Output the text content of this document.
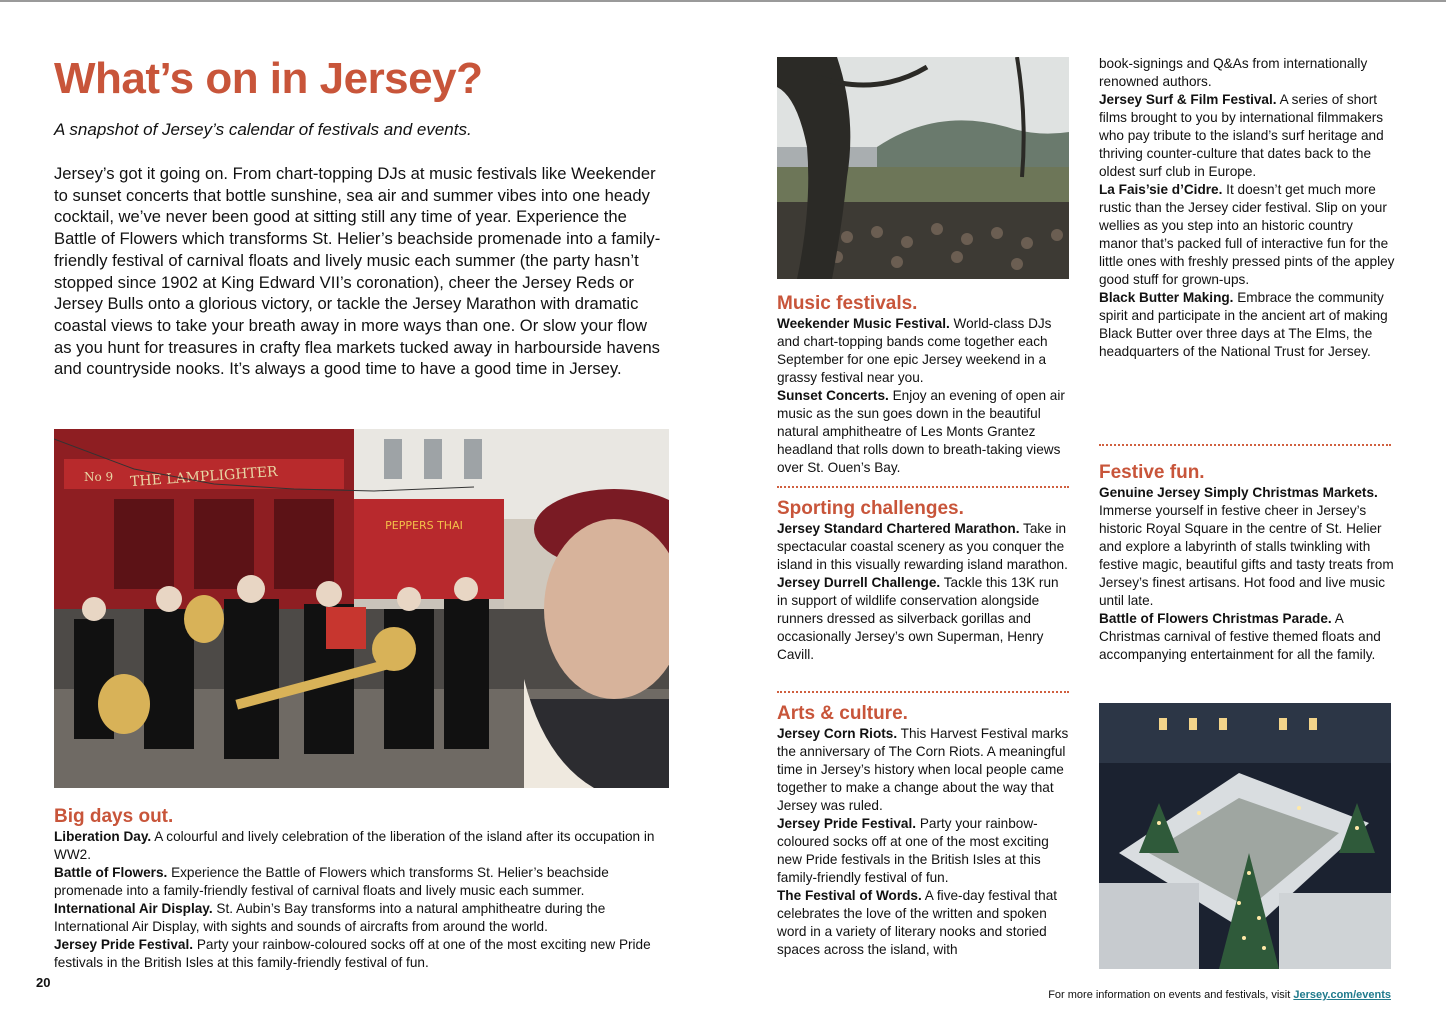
What’s on in Jersey?
A snapshot of Jersey’s calendar of festivals and events.

Jersey’s got it going on. From chart-topping DJs at music festivals like Weekender to sunset concerts that bottle sunshine, sea air and summer vibes into one heady cocktail, we’ve never been good at sitting still any time of year. Experience the Battle of Flowers which transforms St. Helier’s beachside promenade into a family-friendly festival of carnival floats and lively music each summer (the party hasn’t stopped since 1902 at King Edward VII’s coronation), cheer the Jersey Reds or Jersey Bulls onto a glorious victory, or tackle the Jersey Marathon with dramatic coastal views to take your breath away in more ways than one. Or slow your flow as you hunt for treasures in crafty flea markets tucked away in harbourside havens and countryside nooks. It’s always a good time to have a good time in Jersey.

THE LAMPLIGHTER
No 9
PEPPERS THAI
Big days out.

Liberation Day. A colourful and lively celebration of the liberation of the island after its occupation in WW2.

Battle of Flowers. Experience the Battle of Flowers which transforms St. Helier’s beachside promenade into a family-friendly festival of carnival floats and lively music each summer.

International Air Display. St. Aubin’s Bay transforms into a natural amphitheatre during the International Air Display, with sights and sounds of aircrafts from around the world.

Jersey Pride Festival. Party your rainbow-coloured socks off at one of the most exciting new Pride festivals in the British Isles at this family-friendly festival of fun.

20
Music festivals.

Weekender Music Festival. World-class DJs and chart-topping bands come together each September for one epic Jersey weekend in a grassy festival near you.

Sunset Concerts. Enjoy an evening of open air music as the sun goes down in the beautiful natural amphitheatre of Les Monts Grantez headland that rolls down to breath-taking views over St. Ouen’s Bay.

Sporting challenges.

Jersey Standard Chartered Marathon. Take in spectacular coastal scenery as you conquer the island in this visually rewarding island marathon.

Jersey Durrell Challenge. Tackle this 13K run in support of wildlife conservation alongside runners dressed as silverback gorillas and occasionally Jersey’s own Superman, Henry Cavill.

Arts & culture.

Jersey Corn Riots. This Harvest Festival marks the anniversary of The Corn Riots. A meaningful time in Jersey’s history when local people came together to make a change about the way that Jersey was ruled.

Jersey Pride Festival. Party your rainbow-coloured socks off at one of the most exciting new Pride festivals in the British Isles at this family-friendly festival of fun.

The Festival of Words. A five-day festival that celebrates the love of the written and spoken word in a variety of literary nooks and storied spaces across the island, with

book-signings and Q&As from internationally renowned authors.

Jersey Surf & Film Festival. A series of short films brought to you by international filmmakers who pay tribute to the island’s surf heritage and thriving counter-culture that dates back to the oldest surf club in Europe.

La Fais’sie d’Cidre. It doesn’t get much more rustic than the Jersey cider festival. Slip on your wellies as you step into an historic country manor that’s packed full of interactive fun for the little ones with freshly pressed pints of the appley good stuff for grown-ups.

Black Butter Making. Embrace the community spirit and participate in the ancient art of making Black Butter over three days at The Elms, the headquarters of the National Trust for Jersey.

Festive fun.

Genuine Jersey Simply Christmas Markets. Immerse yourself in festive cheer in Jersey’s historic Royal Square in the centre of St. Helier and explore a labyrinth of stalls twinkling with festive magic, beautiful gifts and tasty treats from Jersey’s finest artisans. Hot food and live music until late.

Battle of Flowers Christmas Parade. A Christmas carnival of festive themed floats and accompanying entertainment for all the family.

For more information on events and festivals, visit Jersey.com/events
